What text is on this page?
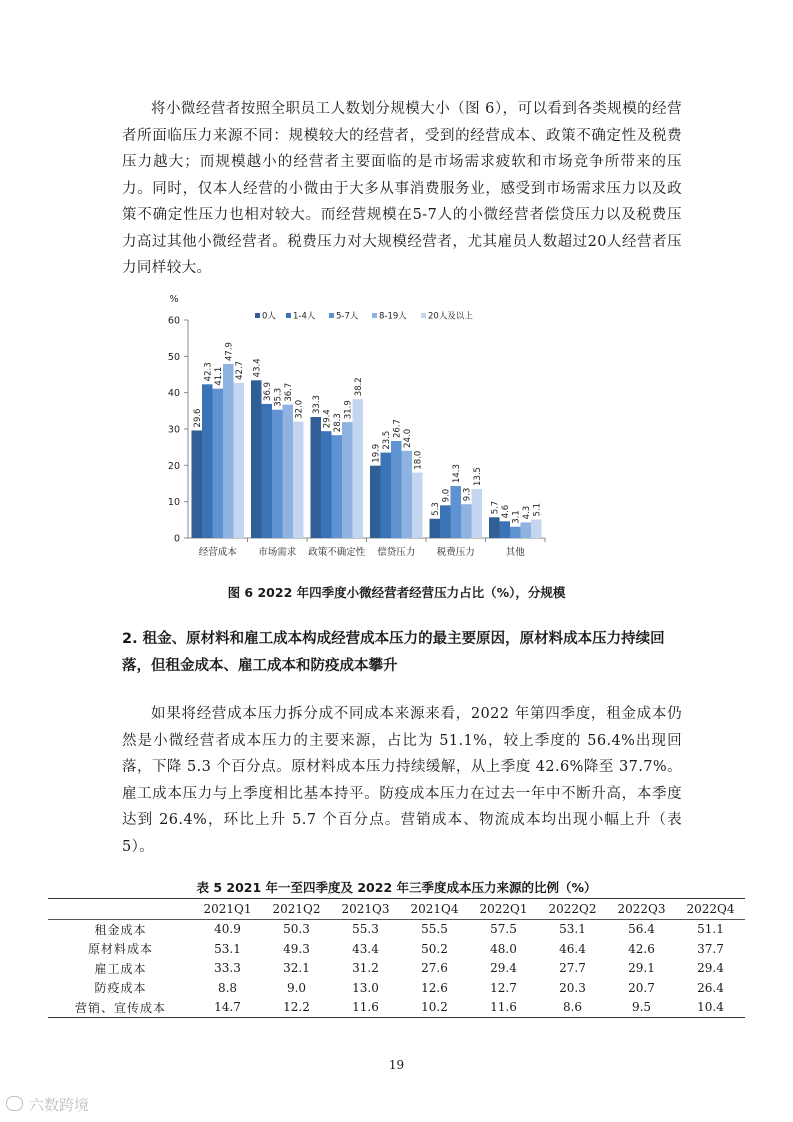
将小微经营者按照全职员工人数划分规模大小（图 6），可以看到各类规模的经营者所面临压力来源不同：规模较大的经营者，受到的经营成本、政策不确定性及税费压力越大；而规模越小的经营者主要面临的是市场需求疲软和市场竞争所带来的压力。同时，仅本人经营的小微由于大多从事消费服务业，感受到市场需求压力以及政策不确定性压力也相对较大。而经营规模在5-7人的小微经营者偿贷压力以及税费压力高过其他小微经营者。税费压力对大规模经营者，尤其雇员人数超过20人经营者压力同样较大。

0
10
20
30
40
50
60
%
经营成本 市场需求 政策不确定性 偿贷压力 税费压力	其他
29.6
42.3 41.1
47.9
42.7 43.4
36.9 35.3 36.7
32.0 33.3
29.4 28.3
31.9
38.2
19.9
23.5
26.7
24.0
18.0
5.3
9.0
14.3
9.3
13.5
5.7 4.6 3.1 4.3 5.1
0人 1-4人 5-7人 8-19人 20人及以上

图 6 2022 年四季度小微经营者经营压力占比（%），分规模

2. 租金、原材料和雇工成本构成经营成本压力的最主要原因，原材料成本压力持续回落，但租金成本、雇工成本和防疫成本攀升

如果将经营成本压力拆分成不同成本来源来看，2022 年第四季度，租金成本仍然是小微经营者成本压力的主要来源，占比为 51.1%，较上季度的 56.4%出现回落，下降 5.3 个百分点。原材料成本压力持续缓解，从上季度 42.6%降至 37.7%。雇工成本压力与上季度相比基本持平。防疫成本压力在过去一年中不断升高，本季度达到 26.4%，环比上升 5.7 个百分点。营销成本、物流成本均出现小幅上升（表 5）。

表 5 2021 年一至四季度及 2022 年三季度成本压力来源的比例（%）

	2021Q1	2021Q2	2021Q3	2021Q4	2022Q1	2022Q2	2022Q3	2022Q4
租金成本	40.9	50.3	55.3	55.5	57.5	53.1	56.4	51.1
原材料成本	53.1	49.3	43.4	50.2	48.0	46.4	42.6	37.7
雇工成本	33.3	32.1	31.2	27.6	29.4	27.7	29.1	29.4
防疫成本	8.8	9.0	13.0	12.6	12.7	20.3	20.7	26.4
营销、宣传成本	14.7	12.2	11.6	10.2	11.6	8.6	9.5	10.4

19

六数跨境
